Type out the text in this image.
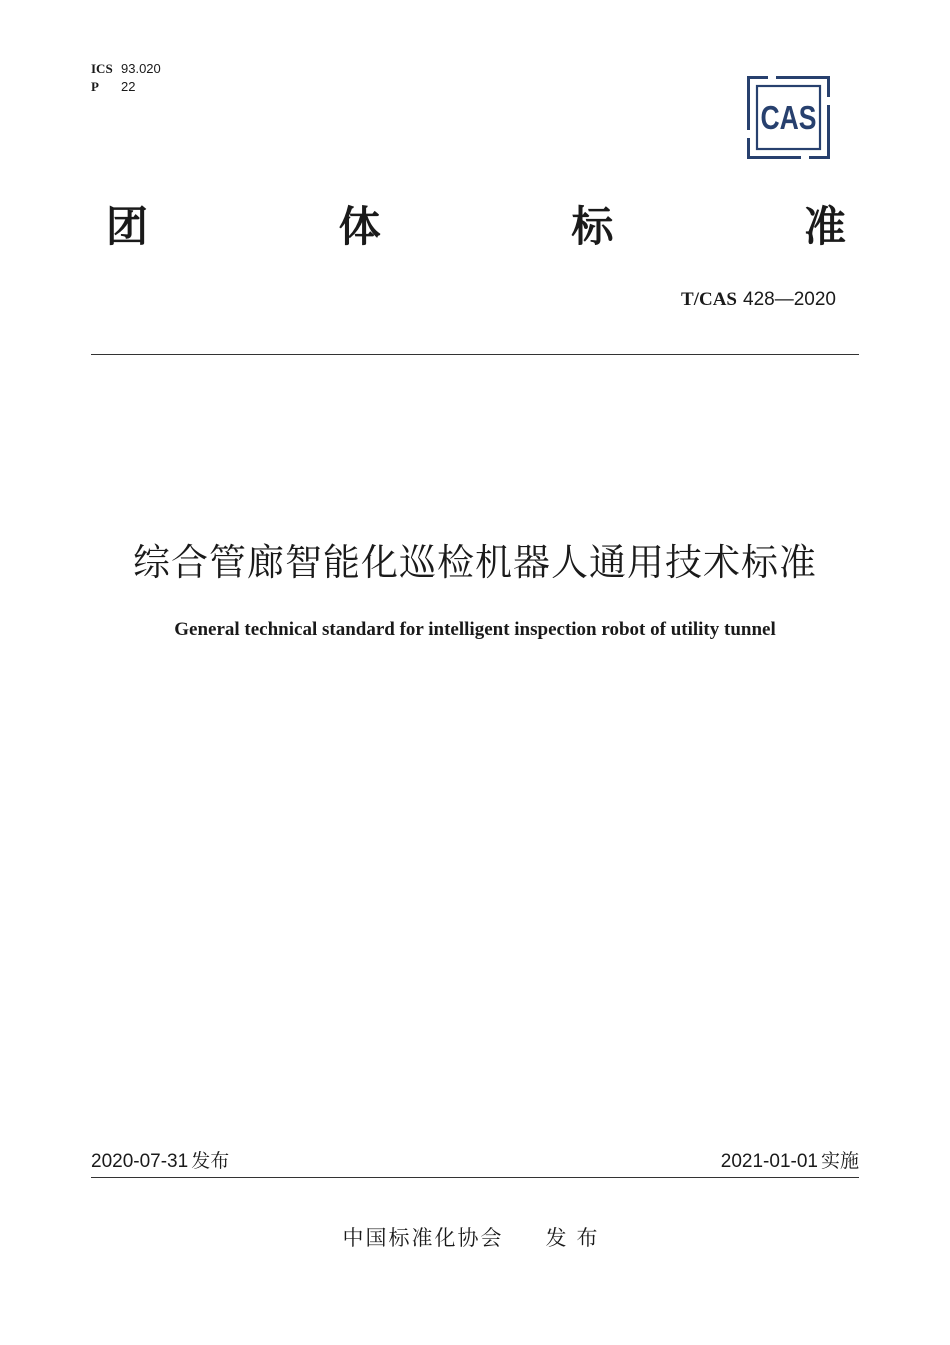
ICS 93.020
P 22
CAS
团	体	标	准
T/CAS 428—2020
综合管廊智能化巡检机器人通用技术标准
General technical standard for intelligent inspection robot of utility tunnel
2020-07-31 发布	2021-01-01 实施
中国标准化协会 发布
